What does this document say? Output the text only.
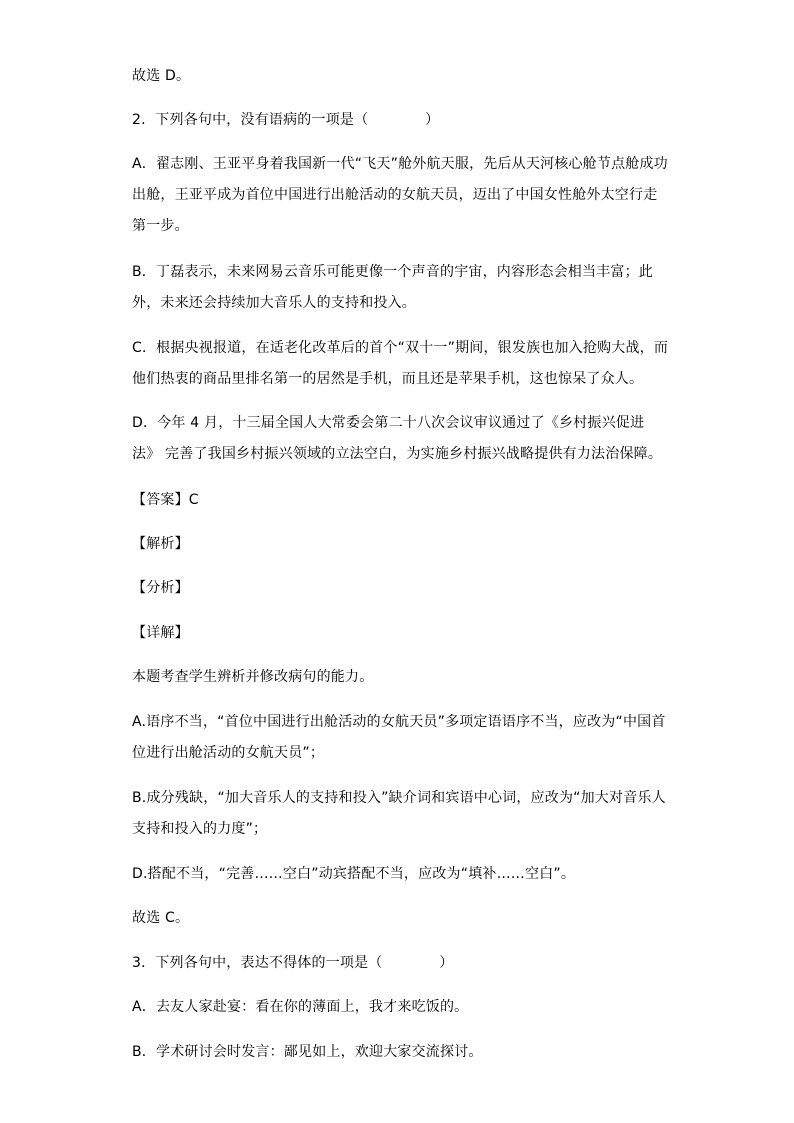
故选 D。
2．下列各句中，没有语病的一项是（　　　　）
A．翟志刚、王亚平身着我国新一代“飞天”舱外航天服，先后从天河核心舱节点舱成功
出舱，王亚平成为首位中国进行出舱活动的女航天员，迈出了中国女性舱外太空行走
第一步。
B．丁磊表示，未来网易云音乐可能更像一个声音的宇宙，内容形态会相当丰富；此
外，未来还会持续加大音乐人的支持和投入。
C．根据央视报道，在适老化改革后的首个“双十一”期间，银发族也加入抢购大战，而
他们热衷的商品里排名第一的居然是手机，而且还是苹果手机，这也惊呆了众人。
D．今年 4 月，十三届全国人大常委会第二十八次会议审议通过了《乡村振兴促进
法》 完善了我国乡村振兴领域的立法空白，为实施乡村振兴战略提供有力法治保障。
【答案】C
【解析】
【分析】
【详解】
本题考查学生辨析并修改病句的能力。
A.语序不当，“首位中国进行出舱活动的女航天员”多项定语语序不当，应改为“中国首
位进行出舱活动的女航天员”；
B.成分残缺，“加大音乐人的支持和投入”缺介词和宾语中心词，应改为“加大对音乐人
支持和投入的力度”；
D.搭配不当，“完善……空白”动宾搭配不当，应改为“填补……空白”。
故选 C。
3．下列各句中，表达不得体的一项是（　　　　）
A．去友人家赴宴：看在你的薄面上，我才来吃饭的。
B．学术研讨会时发言：鄙见如上，欢迎大家交流探讨。
